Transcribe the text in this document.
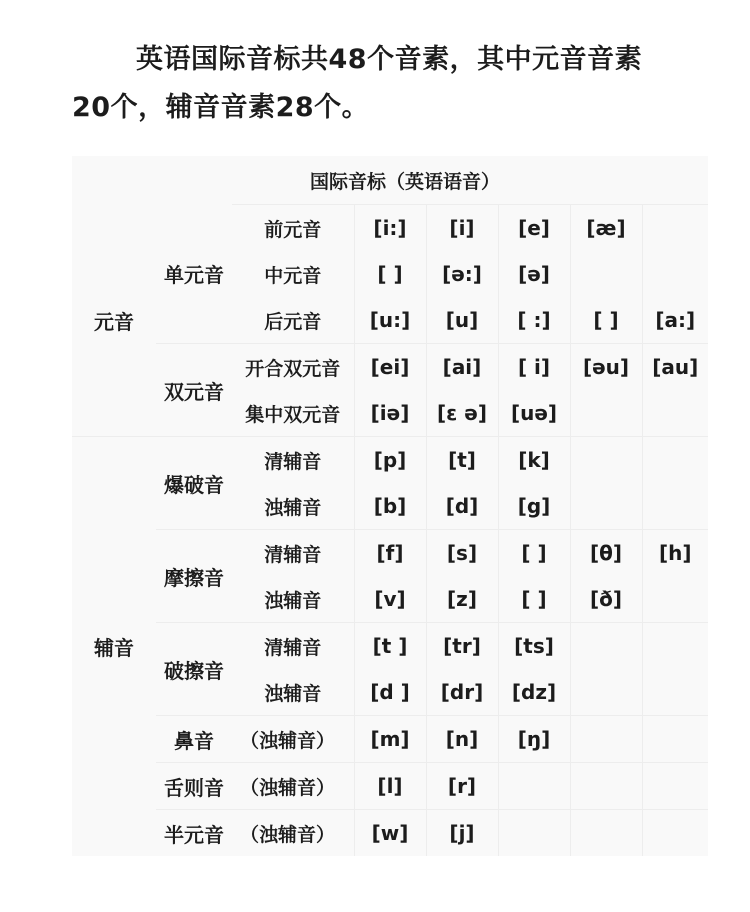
英语国际音标共48个音素，其中元音音素
20个，辅音音素28个。

		国际音标（英语语音）					
元音	单元音	前元音	[i:]	[i]	[e]	[æ]	
		中元音	[ ]	[ə:]	[ə]		
		后元音	[u:]	[u]	[ :]	[ ]	[a:]
	双元音	开合双元音	[ei]	[ai]	[ i]	[əu]	[au]
		集中双元音	[iə]	[ε ə]	[uə]		
辅音	爆破音	清辅音	[p]	[t]	[k]		
		浊辅音	[b]	[d]	[g]		
	摩擦音	清辅音	[f]	[s]	[ ]	[θ]	[h]
		浊辅音	[v]	[z]	[ ]	[ð]	
	破擦音	清辅音	[t ]	[tr]	[ts]		
		浊辅音	[d ]	[dr]	[dz]		
	鼻音	（浊辅音）	[m]	[n]	[ŋ]		
	舌则音	（浊辅音）	[l]	[r]			
	半元音	（浊辅音）	[w]	[j]			
